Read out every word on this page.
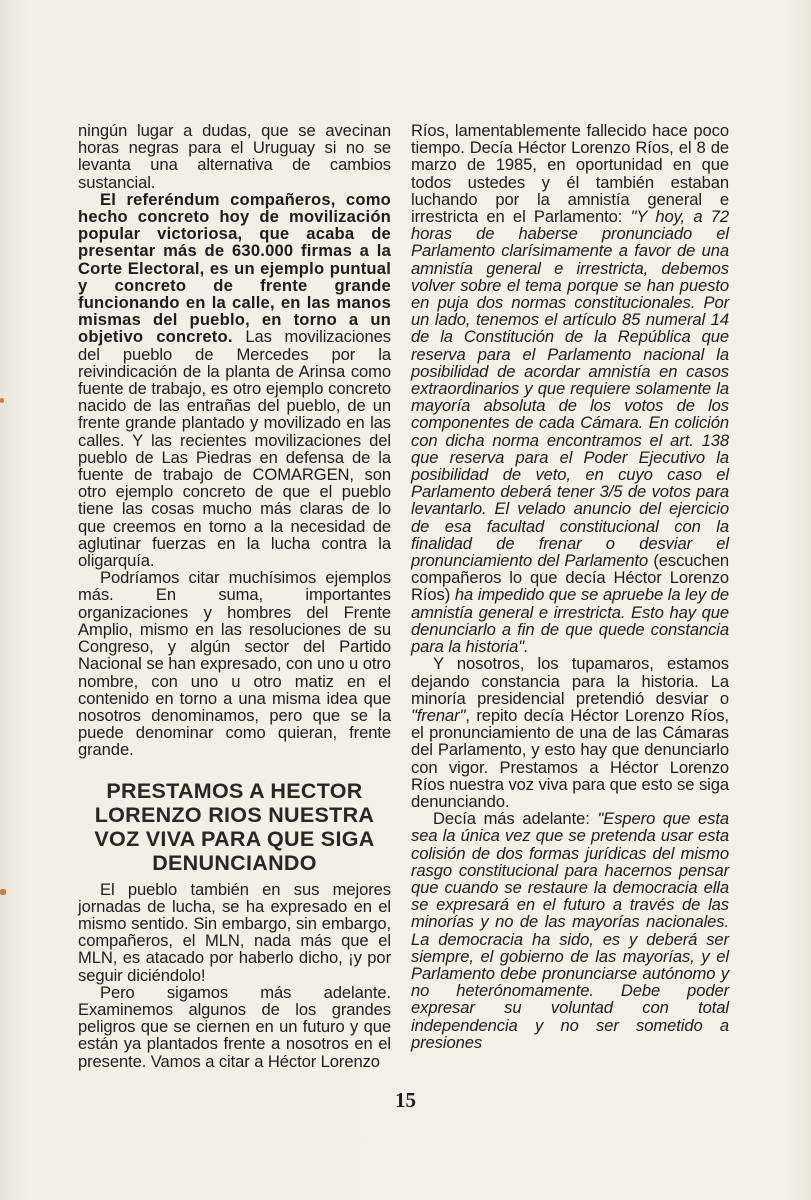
ningún lugar a dudas, que se avecinan horas negras para el Uruguay si no se levanta una alternativa de cambios sustancial.

El referéndum compañeros, como hecho concreto hoy de movilización popular victoriosa, que acaba de presentar más de 630.000 firmas a la Corte Electoral, es un ejemplo puntual y concreto de frente grande funcionando en la calle, en las manos mismas del pueblo, en torno a un objetivo concreto. Las movilizaciones del pueblo de Mercedes por la reivindicación de la planta de Arinsa como fuente de trabajo, es otro ejemplo concreto nacido de las entrañas del pueblo, de un frente grande plantado y movilizado en las calles. Y las recientes movilizaciones del pueblo de Las Piedras en defensa de la fuente de trabajo de COMARGEN, son otro ejemplo concreto de que el pueblo tiene las cosas mucho más claras de lo que creemos en torno a la necesidad de aglutinar fuerzas en la lucha contra la oligarquía.

Podríamos citar muchísimos ejemplos más. En suma, importantes organizaciones y hombres del Frente Amplio, mismo en las resoluciones de su Congreso, y algún sector del Partido Nacional se han expresado, con uno u otro nombre, con uno u otro matiz en el contenido en torno a una misma idea que nosotros denominamos, pero que se la puede denominar como quieran, frente grande.

PRESTAMOS A HECTOR LORENZO RIOS NUESTRA VOZ VIVA PARA QUE SIGA DENUNCIANDO

El pueblo también en sus mejores jornadas de lucha, se ha expresado en el mismo sentido. Sin embargo, sin embargo, compañeros, el MLN, nada más que el MLN, es atacado por haberlo dicho, ¡y por seguir diciéndolo!

Pero sigamos más adelante. Examinemos algunos de los grandes peligros que se ciernen en un futuro y que están ya plantados frente a nosotros en el presente. Vamos a citar a Héctor Lorenzo

Ríos, lamentablemente fallecido hace poco tiempo. Decía Héctor Lorenzo Ríos, el 8 de marzo de 1985, en oportunidad en que todos ustedes y él también estaban luchando por la amnistía general e irrestricta en el Parlamento: "Y hoy, a 72 horas de haberse pronunciado el Parlamento clarísimamente a favor de una amnistía general e irrestricta, debemos volver sobre el tema porque se han puesto en puja dos normas constitucionales. Por un lado, tenemos el artículo 85 numeral 14 de la Constitución de la República que reserva para el Parlamento nacional la posibilidad de acordar amnistía en casos extraordinarios y que requiere solamente la mayoría absoluta de los votos de los componentes de cada Cámara. En colición con dicha norma encontramos el art. 138 que reserva para el Poder Ejecutivo la posibilidad de veto, en cuyo caso el Parlamento deberá tener 3/5 de votos para levantarlo. El velado anuncio del ejercicio de esa facultad constitucional con la finalidad de frenar o desviar el pronunciamiento del Parlamento (escuchen compañeros lo que decía Héctor Lorenzo Ríos) ha impedido que se apruebe la ley de amnistía general e irrestricta. Esto hay que denunciarlo a fin de que quede constancia para la historia".

Y nosotros, los tupamaros, estamos dejando constancia para la historia. La minoría presidencial pretendió desviar o "frenar", repito decía Héctor Lorenzo Ríos, el pronunciamiento de una de las Cámaras del Parlamento, y esto hay que denunciarlo con vigor. Prestamos a Héctor Lorenzo Ríos nuestra voz viva para que esto se siga denunciando.

Decía más adelante: "Espero que esta sea la única vez que se pretenda usar esta colisión de dos formas jurídicas del mismo rasgo constitucional para hacernos pensar que cuando se restaure la democracia ella se expresará en el futuro a través de las minorías y no de las mayorías nacionales. La democracia ha sido, es y deberá ser siempre, el gobierno de las mayorías, y el Parlamento debe pronunciarse autónomo y no heterónomamente. Debe poder expresar su voluntad con total independencia y no ser sometido a presiones

15
